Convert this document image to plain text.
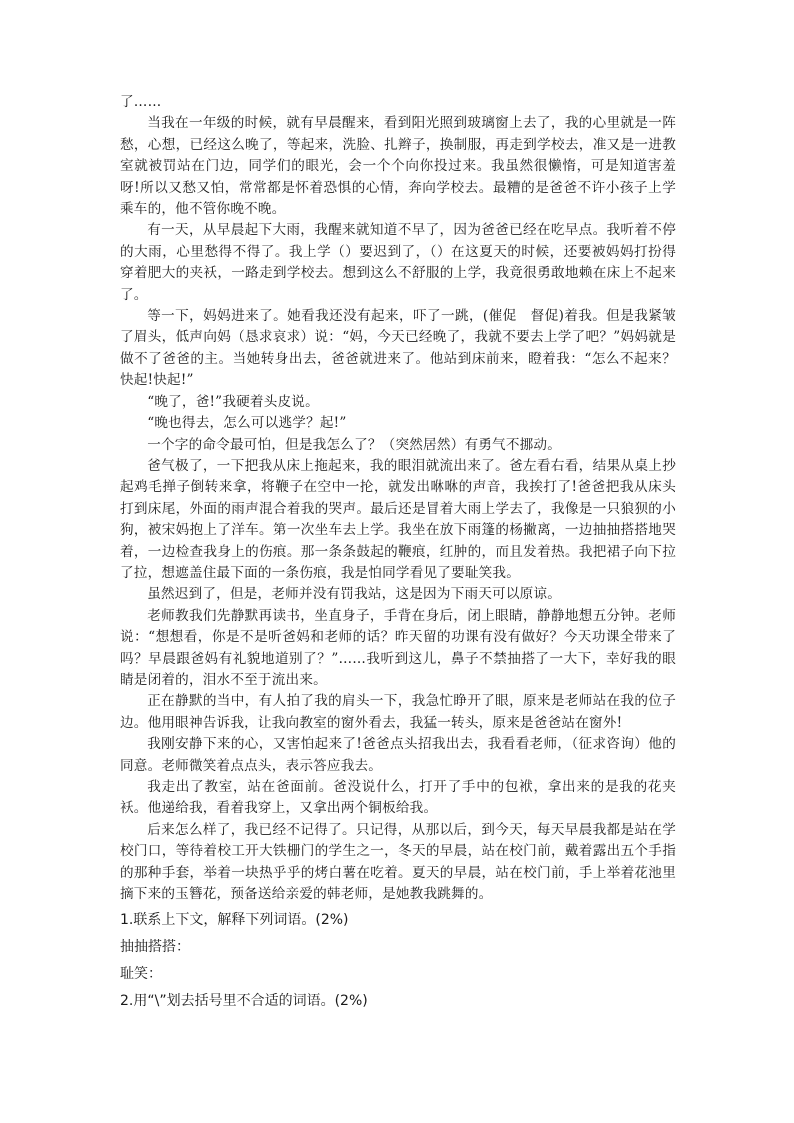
了……

当我在一年级的时候，就有早晨醒来，看到阳光照到玻璃窗上去了，我的心里就是一阵愁，心想，已经这么晚了，等起来，洗脸、扎辫子，换制服，再走到学校去，准又是一进教室就被罚站在门边，同学们的眼光，会一个个向你投过来。我虽然很懒惰，可是知道害羞呀!所以又愁又怕，常常都是怀着恐惧的心情，奔向学校去。最糟的是爸爸不许小孩子上学乘车的，他不管你晚不晚。

有一天，从早晨起下大雨，我醒来就知道不早了，因为爸爸已经在吃早点。我听着不停的大雨，心里愁得不得了。我上学（）要迟到了，（）在这夏天的时候，还要被妈妈打扮得穿着肥大的夹袄，一路走到学校去。想到这么不舒服的上学，我竟很勇敢地赖在床上不起来了。

等一下，妈妈进来了。她看我还没有起来，吓了一跳，(催促　督促)着我。但是我紧皱了眉头，低声向妈（恳求哀求）说：“妈，今天已经晚了，我就不要去上学了吧？”妈妈就是做不了爸爸的主。当她转身出去，爸爸就进来了。他站到床前来，瞪着我：“怎么不起来？快起!快起!”

“晚了，爸!”我硬着头皮说。

“晚也得去，怎么可以逃学？起!”

一个字的命令最可怕，但是我怎么了？（突然居然）有勇气不挪动。

爸气极了，一下把我从床上拖起来，我的眼泪就流出来了。爸左看右看，结果从桌上抄起鸡毛掸子倒转来拿，将鞭子在空中一抡，就发出咻咻的声音，我挨打了!爸爸把我从床头打到床尾，外面的雨声混合着我的哭声。最后还是冒着大雨上学去了，我像是一只狼狈的小狗，被宋妈抱上了洋车。第一次坐车去上学。我坐在放下雨篷的杨撇离，一边抽抽搭搭地哭着，一边检查我身上的伤痕。那一条条鼓起的鞭痕，红肿的，而且发着热。我把裙子向下拉了拉，想遮盖住最下面的一条伤痕，我是怕同学看见了要耻笑我。

虽然迟到了，但是，老师并没有罚我站，这是因为下雨天可以原谅。

老师教我们先静默再读书，坐直身子，手背在身后，闭上眼睛，静静地想五分钟。老师说：“想想看，你是不是听爸妈和老师的话？昨天留的功课有没有做好？今天功课全带来了吗？早晨跟爸妈有礼貌地道别了？”……我听到这儿，鼻子不禁抽搭了一大下，幸好我的眼睛是闭着的，泪水不至于流出来。

正在静默的当中，有人拍了我的肩头一下，我急忙睁开了眼，原来是老师站在我的位子边。他用眼神告诉我，让我向教室的窗外看去，我猛一转头，原来是爸爸站在窗外!

我刚安静下来的心，又害怕起来了!爸爸点头招我出去，我看看老师，（征求咨询）他的同意。老师微笑着点点头，表示答应我去。

我走出了教室，站在爸面前。爸没说什么，打开了手中的包袱，拿出来的是我的花夹袄。他递给我，看着我穿上，又拿出两个铜板给我。

后来怎么样了，我已经不记得了。只记得，从那以后，到今天，每天早晨我都是站在学校门口，等待着校工开大铁栅门的学生之一，冬天的早晨，站在校门前，戴着露出五个手指的那种手套，举着一块热乎乎的烤白薯在吃着。夏天的早晨，站在校门前，手上举着花池里摘下来的玉簪花，预备送给亲爱的韩老师，是她教我跳舞的。

1.联系上下文，解释下列词语。(2%)

抽抽搭搭：

耻笑：

2.用“\”划去括号里不合适的词语。(2%)
